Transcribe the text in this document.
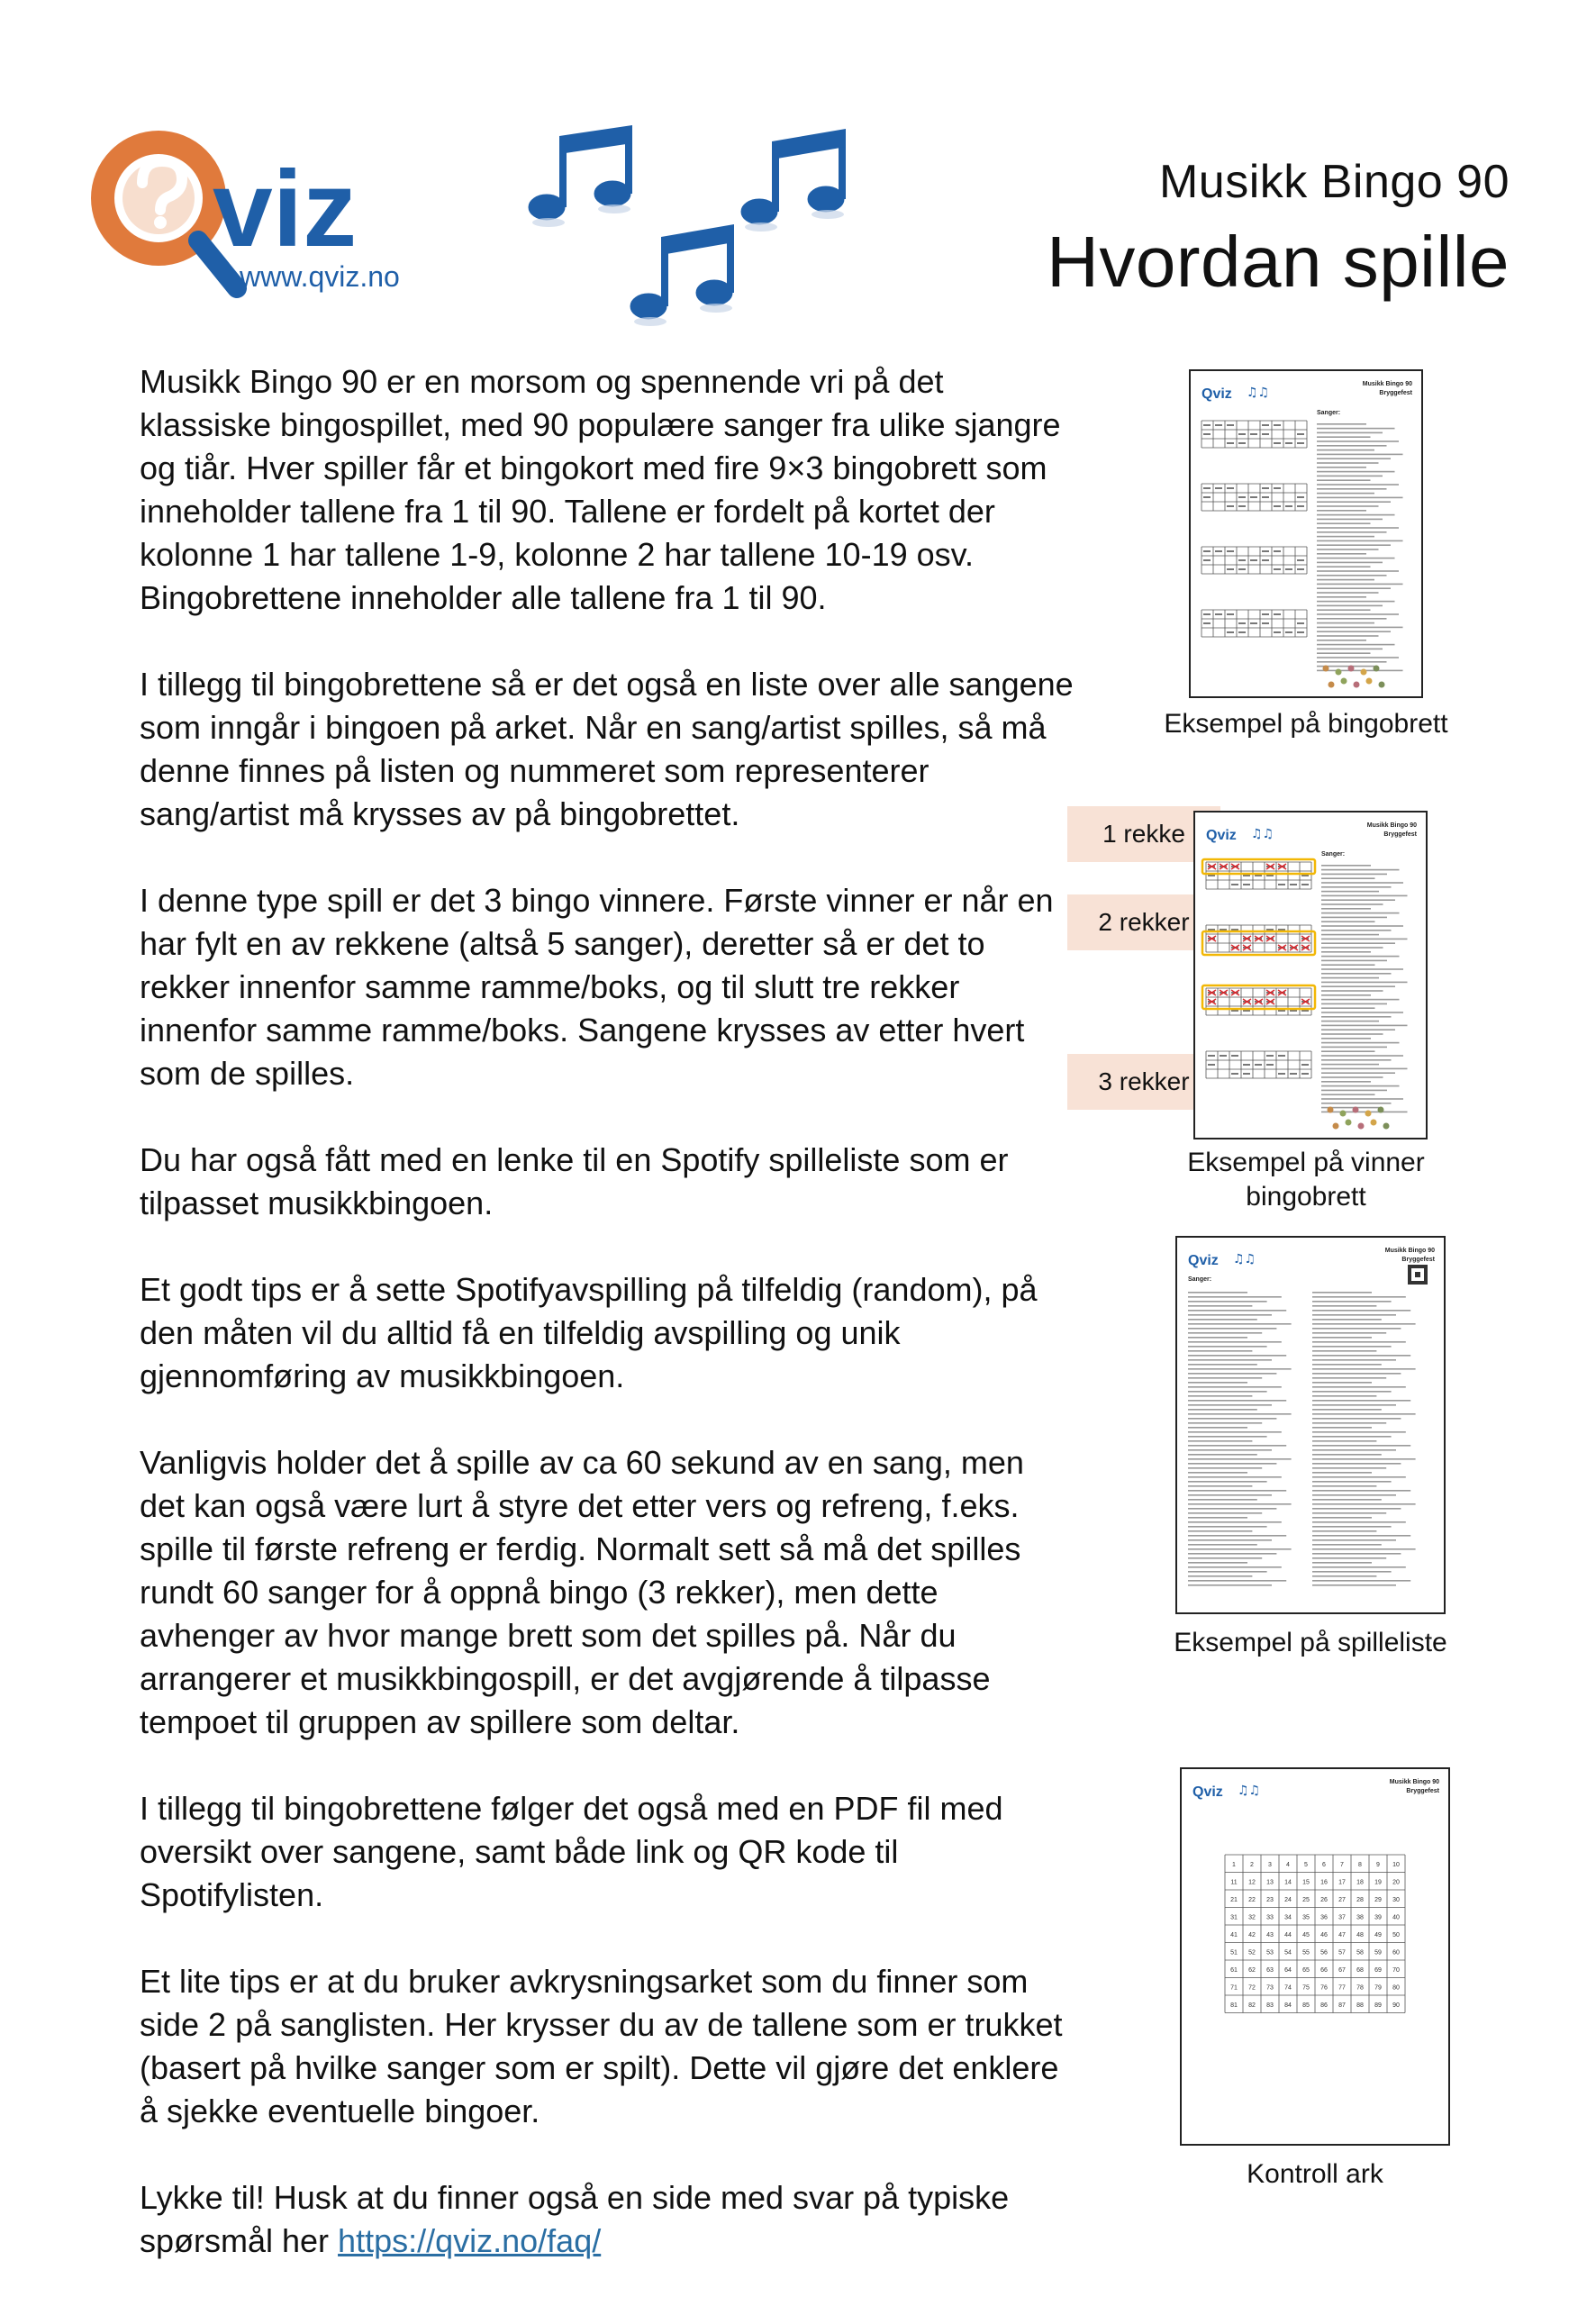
viz
www.qviz.no
Musikk Bingo 90
Hvordan spille

Musikk Bingo 90 er en morsom og spennende vri på det klassiske bingospillet, med 90 populære sanger fra ulike sjangre og tiår. Hver spiller får et bingokort med fire 9×3 bingobrett som inneholder tallene fra 1 til 90. Tallene er fordelt på kortet der kolonne 1 har tallene 1-9, kolonne 2 har tallene 10-19 osv. Bingobrettene inneholder alle tallene fra 1 til 90.

I tillegg til bingobrettene så er det også en liste over alle sangene som inngår i bingoen på arket. Når en sang/artist spilles, så må denne finnes på listen og nummeret som representerer sang/artist må krysses av på bingobrettet.

I denne type spill er det 3 bingo vinnere. Første vinner er når en har fylt en av rekkene (altså 5 sanger), deretter så er det to rekker innenfor samme ramme/boks, og til slutt tre rekker innenfor samme ramme/boks. Sangene krysses av etter hvert som de spilles.

Du har også fått med en lenke til en Spotify spilleliste som er tilpasset musikkbingoen.

Et godt tips er å sette Spotifyavspilling på tilfeldig (random), på den måten vil du alltid få en tilfeldig avspilling og unik gjennomføring av musikkbingoen.

Vanligvis holder det å spille av ca 60 sekund av en sang, men det kan også være lurt å styre det etter vers og refreng, f.eks. spille til første refreng er ferdig. Normalt sett så må det spilles rundt 60 sanger for å oppnå bingo (3 rekker), men dette avhenger av hvor mange brett som det spilles på. Når du arrangerer et musikkbingospill, er det avgjørende å tilpasse tempoet til gruppen av spillere som deltar.

I tillegg til bingobrettene følger det også med en PDF fil med oversikt over sangene, samt både link og QR kode til Spotifylisten.

Et lite tips er at du bruker avkrysningsarket som du finner som side 2 på sanglisten. Her krysser du av de tallene som er trukket (basert på hvilke sanger som er spilt). Dette vil gjøre det enklere å sjekke eventuelle bingoer.

Lykke til! Husk at du finner også en side med svar på typiske spørsmål her https://qviz.no/faq/

Qviz ♫♫
Musikk Bingo 90
Bryggefest
Sanger:
Eksempel på bingobrett
1 rekke
2 rekker
3 rekker
Qviz ♫♫
Musikk Bingo 90
Bryggefest
Sanger:
Eksempel på vinner bingobrett
Qviz ♫♫
Musikk Bingo 90
Bryggefest
Sanger:
Eksempel på spilleliste
Qviz ♫♫
Musikk Bingo 90
Bryggefest
1 2 3 4 5 6 7 8 9 10
11 12 13 14 15 16 17 18 19 20
21 22 23 24 25 26 27 28 29 30
31 32 33 34 35 36 37 38 39 40
41 42 43 44 45 46 47 48 49 50
51 52 53 54 55 56 57 58 59 60
61 62 63 64 65 66 67 68 69 70
71 72 73 74 75 76 77 78 79 80
81 82 83 84 85 86 87 88 89 90
Kontroll ark
